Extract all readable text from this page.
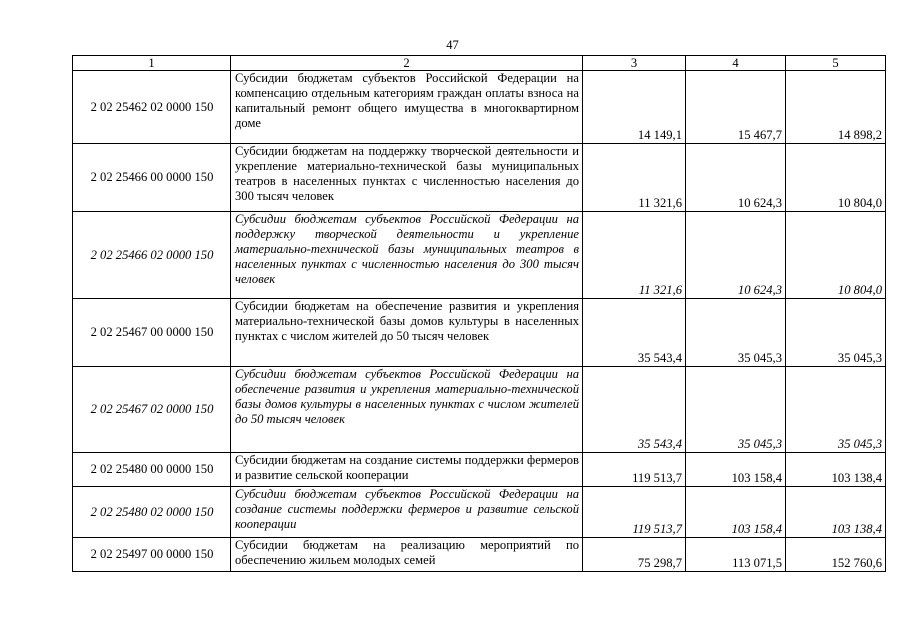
47
1	2	3	4	5
2 02 25462 02 0000 150	Субсидии бюджетам субъектов Российской Федерации на компенсацию отдельным категориям граждан оплаты взноса на капитальный ремонт общего имущества в многоквартирном доме	14 149,1	15 467,7	14 898,2
2 02 25466 00 0000 150	Субсидии бюджетам на поддержку творческой деятельности и укрепление материально-технической базы муниципальных театров в населенных пунктах с численностью населения до 300 тысяч человек	11 321,6	10 624,3	10 804,0
2 02 25466 02 0000 150	Субсидии бюджетам субъектов Российской Федерации на поддержку творческой деятельности и укрепление материально-технической базы муниципальных театров в населенных пунктах с численностью населения до 300 тысяч человек	11 321,6	10 624,3	10 804,0
2 02 25467 00 0000 150	Субсидии бюджетам на обеспечение развития и укрепления материально-технической базы домов культуры в населенных пунктах с числом жителей до 50 тысяч человек	35 543,4	35 045,3	35 045,3
2 02 25467 02 0000 150	Субсидии бюджетам субъектов Российской Федерации на обеспечение развития и укрепления материально-технической базы домов культуры в населенных пунктах с числом жителей до 50 тысяч человек	35 543,4	35 045,3	35 045,3
2 02 25480 00 0000 150	Субсидии бюджетам на создание системы поддержки фермеров и развитие сельской кооперации	119 513,7	103 158,4	103 138,4
2 02 25480 02 0000 150	Субсидии бюджетам субъектов Российской Федерации на создание системы поддержки фермеров и развитие сельской кооперации	119 513,7	103 158,4	103 138,4
2 02 25497 00 0000 150	Субсидии бюджетам на реализацию мероприятий по обеспечению жильем молодых семей	75 298,7	113 071,5	152 760,6
